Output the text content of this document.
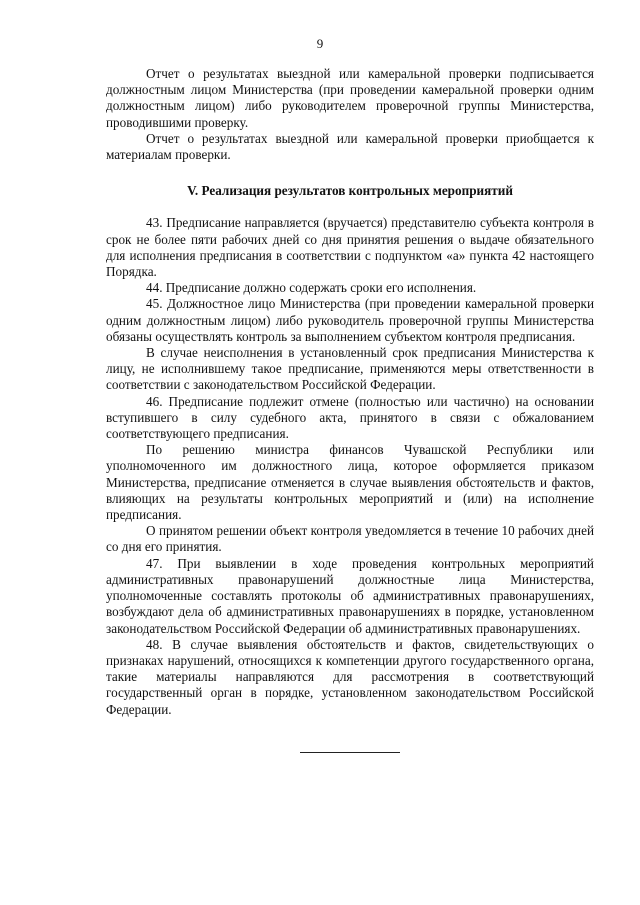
9

Отчет о результатах выездной или камеральной проверки подписывается должностным лицом Министерства (при проведении камеральной проверки одним должностным лицом) либо руководителем проверочной группы Министерства, проводившими проверку.

Отчет о результатах выездной или камеральной проверки приобщается к материалам проверки.

V. Реализация результатов контрольных мероприятий

43. Предписание направляется (вручается) представителю субъекта контроля в срок не более пяти рабочих дней со дня принятия решения о выдаче обязательного для исполнения предписания в соответствии с подпунктом «а» пункта 42 настоящего Порядка.

44. Предписание должно содержать сроки его исполнения.

45. Должностное лицо Министерства (при проведении камеральной проверки одним должностным лицом) либо руководитель проверочной группы Министерства обязаны осуществлять контроль за выполнением субъектом контроля предписания.

В случае неисполнения в установленный срок предписания Министерства к лицу, не исполнившему такое предписание, применяются меры ответственности в соответствии с законодательством Российской Федерации.

46. Предписание подлежит отмене (полностью или частично) на основании вступившего в силу судебного акта, принятого в связи с обжалованием соответствующего предписания.

По решению министра финансов Чувашской Республики или уполномоченного им должностного лица, которое оформляется приказом Министерства, предписание отменяется в случае выявления обстоятельств и фактов, влияющих на результаты контрольных мероприятий и (или) на исполнение предписания.

О принятом решении объект контроля уведомляется в течение 10 рабочих дней со дня его принятия.

47. При выявлении в ходе проведения контрольных мероприятий административных правонарушений должностные лица Министерства, уполномоченные составлять протоколы об административных правонарушениях, возбуждают дела об административных правонарушениях в порядке, установленном законодательством Российской Федерации об административных правонарушениях.

48. В случае выявления обстоятельств и фактов, свидетельствующих о признаках нарушений, относящихся к компетенции другого государственного органа, такие материалы направляются для рассмотрения в соответствующий государственный орган в порядке, установленном законодательством Российской Федерации.
